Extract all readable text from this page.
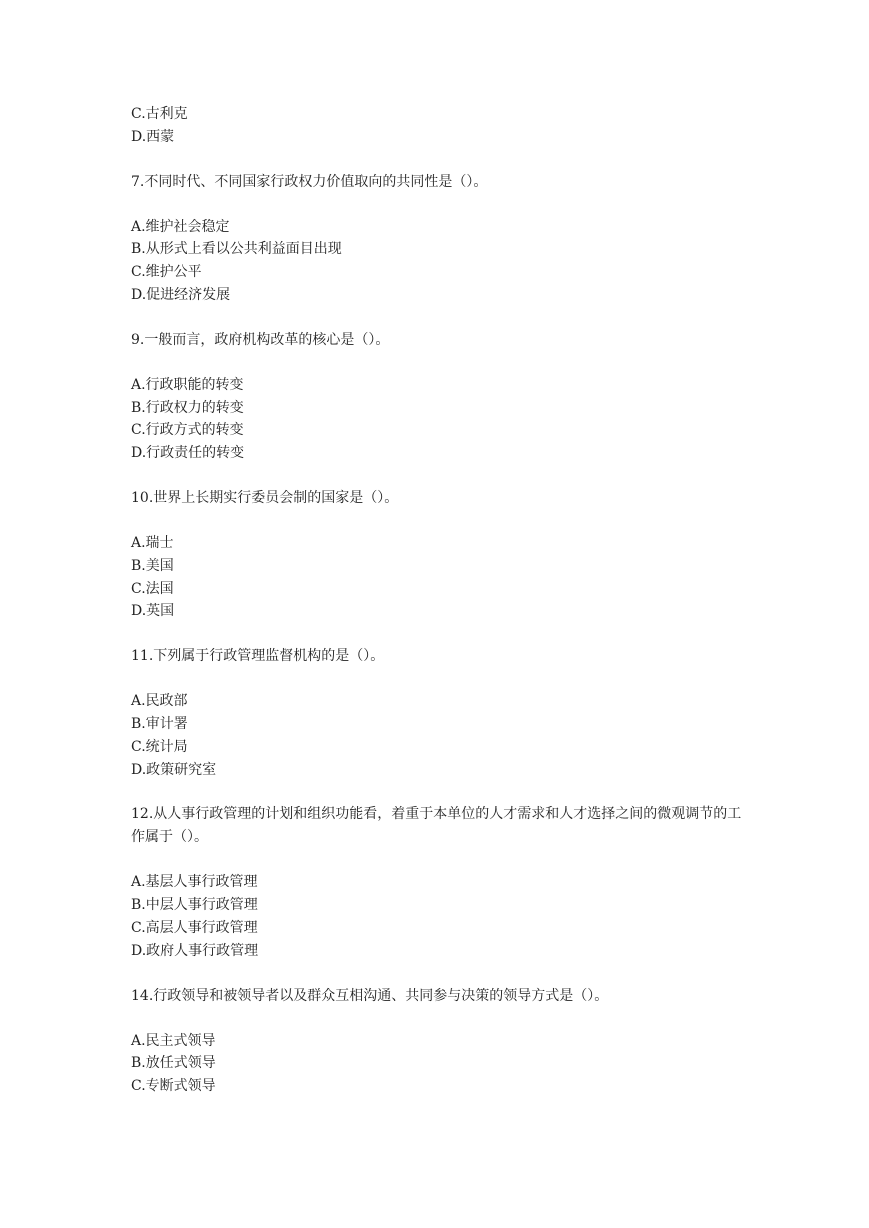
C.古利克
D.西蒙
7.不同时代、不同国家行政权力价值取向的共同性是（）。
A.维护社会稳定
B.从形式上看以公共利益面目出现
C.维护公平
D.促进经济发展
9.一般而言，政府机构改革的核心是（）。
A.行政职能的转变
B.行政权力的转变
C.行政方式的转变
D.行政责任的转变
10.世界上长期实行委员会制的国家是（）。
A.瑞士
B.美国
C.法国
D.英国
11.下列属于行政管理监督机构的是（）。
A.民政部
B.审计署
C.统计局
D.政策研究室
12.从人事行政管理的计划和组织功能看，着重于本单位的人才需求和人才选择之间的微观调节的工作属于（）。
A.基层人事行政管理
B.中层人事行政管理
C.高层人事行政管理
D.政府人事行政管理
14.行政领导和被领导者以及群众互相沟通、共同参与决策的领导方式是（）。
A.民主式领导
B.放任式领导
C.专断式领导
